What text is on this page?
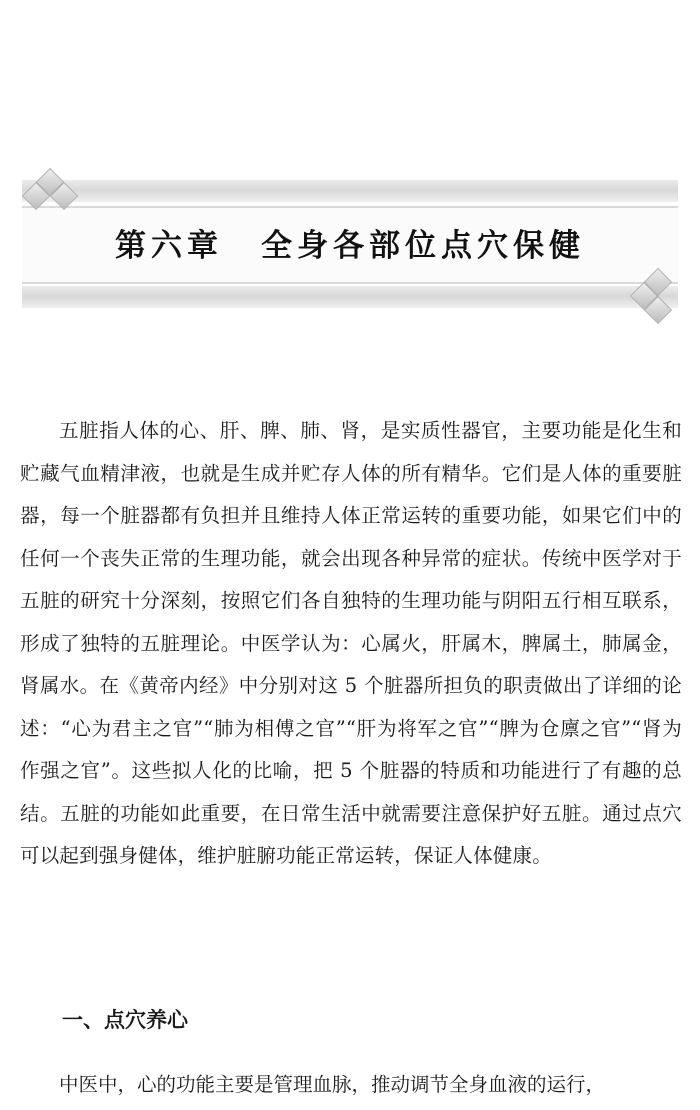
第六章 全身各部位点穴保健

五脏指人体的心、肝、脾、肺、肾，是实质性器官，主要功能是化生和贮藏气血精津液，也就是生成并贮存人体的所有精华。它们是人体的重要脏器，每一个脏器都有负担并且维持人体正常运转的重要功能，如果它们中的任何一个丧失正常的生理功能，就会出现各种异常的症状。传统中医学对于五脏的研究十分深刻，按照它们各自独特的生理功能与阴阳五行相互联系，形成了独特的五脏理论。中医学认为：心属火，肝属木，脾属土，肺属金，肾属水。在《黄帝内经》中分别对这 5 个脏器所担负的职责做出了详细的论述：“心为君主之官”“肺为相傅之官”“肝为将军之官”“脾为仓廪之官”“肾为作强之官”。这些拟人化的比喻，把 5 个脏器的特质和功能进行了有趣的总结。五脏的功能如此重要，在日常生活中就需要注意保护好五脏。通过点穴可以起到强身健体，维护脏腑功能正常运转，保证人体健康。

一、点穴养心

中医中，心的功能主要是管理血脉，推动调节全身血液的运行，
